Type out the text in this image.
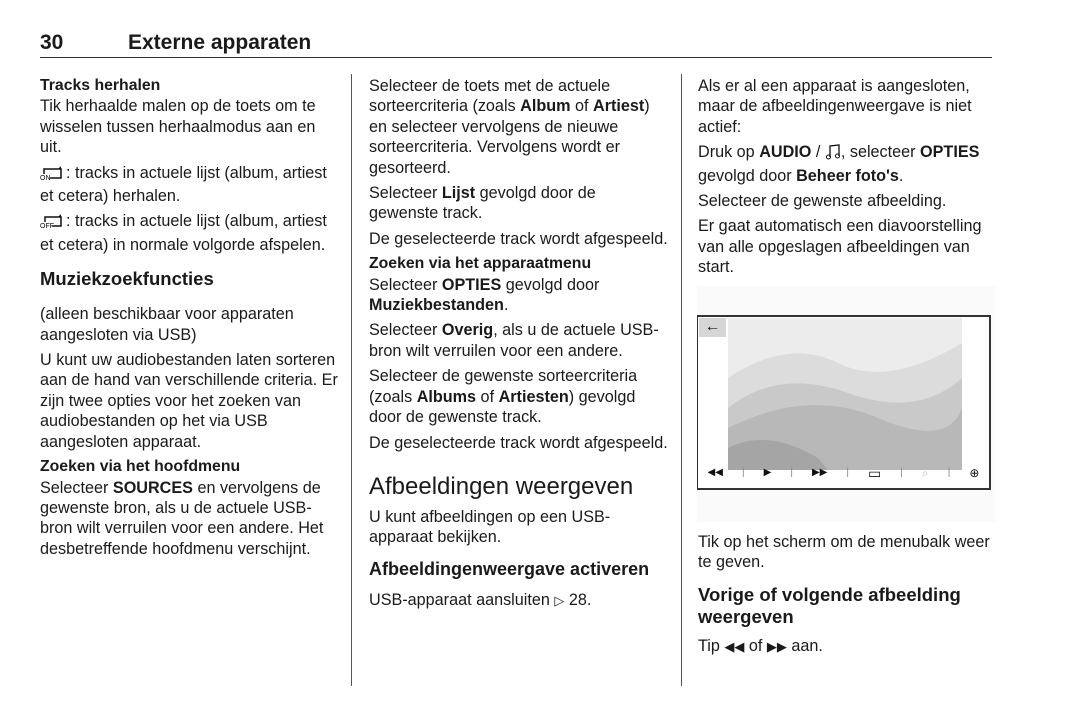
30	Externe apparaten

Tracks herhalen

Tik herhaalde malen op de toets om te wisselen tussen herhaalmodus aan en uit.

ON : tracks in actuele lijst (album, artiest et cetera) herhalen.

OFF : tracks in actuele lijst (album, artiest et cetera) in normale volgorde afspelen.

Muziekzoekfuncties

(alleen beschikbaar voor apparaten aangesloten via USB)

U kunt uw audiobestanden laten sorteren aan de hand van verschillende criteria. Er zijn twee opties voor het zoeken van audiobestanden op het via USB aangesloten apparaat.

Zoeken via het hoofdmenu

Selecteer SOURCES en vervolgens de gewenste bron, als u de actuele USB-bron wilt verruilen voor een andere. Het desbetreffende hoofdmenu verschijnt.

Selecteer de toets met de actuele sorteercriteria (zoals Album of Artiest) en selecteer vervolgens de nieuwe sorteercriteria. Vervolgens wordt er gesorteerd.

Selecteer Lijst gevolgd door de gewenste track.

De geselecteerde track wordt afgespeeld.

Zoeken via het apparaatmenu

Selecteer OPTIES gevolgd door Muziekbestanden.

Selecteer Overig, als u de actuele USB-bron wilt verruilen voor een andere.

Selecteer de gewenste sorteercriteria (zoals Albums of Artiesten) gevolgd door de gewenste track.

De geselecteerde track wordt afgespeeld.

Afbeeldingen weergeven

U kunt afbeeldingen op een USB-apparaat bekijken.

Afbeeldingenweergave activeren

USB-apparaat aansluiten ▷ 28.

Als er al een apparaat is aangesloten, maar de afbeeldingenweergave is niet actief:

Druk op AUDIO / , selecteer OPTIES gevolgd door Beheer foto's.

Selecteer de gewenste afbeelding.

Er gaat automatisch een diavoorstelling van alle opgeslagen afbeeldingen van start.

←
◀◀ | ▶ | ▶▶ | ▭ | ⌕ | ⊕

Tik op het scherm om de menubalk weer te geven.

Vorige of volgende afbeelding weergeven

Tip ◀◀ of ▶▶ aan.
